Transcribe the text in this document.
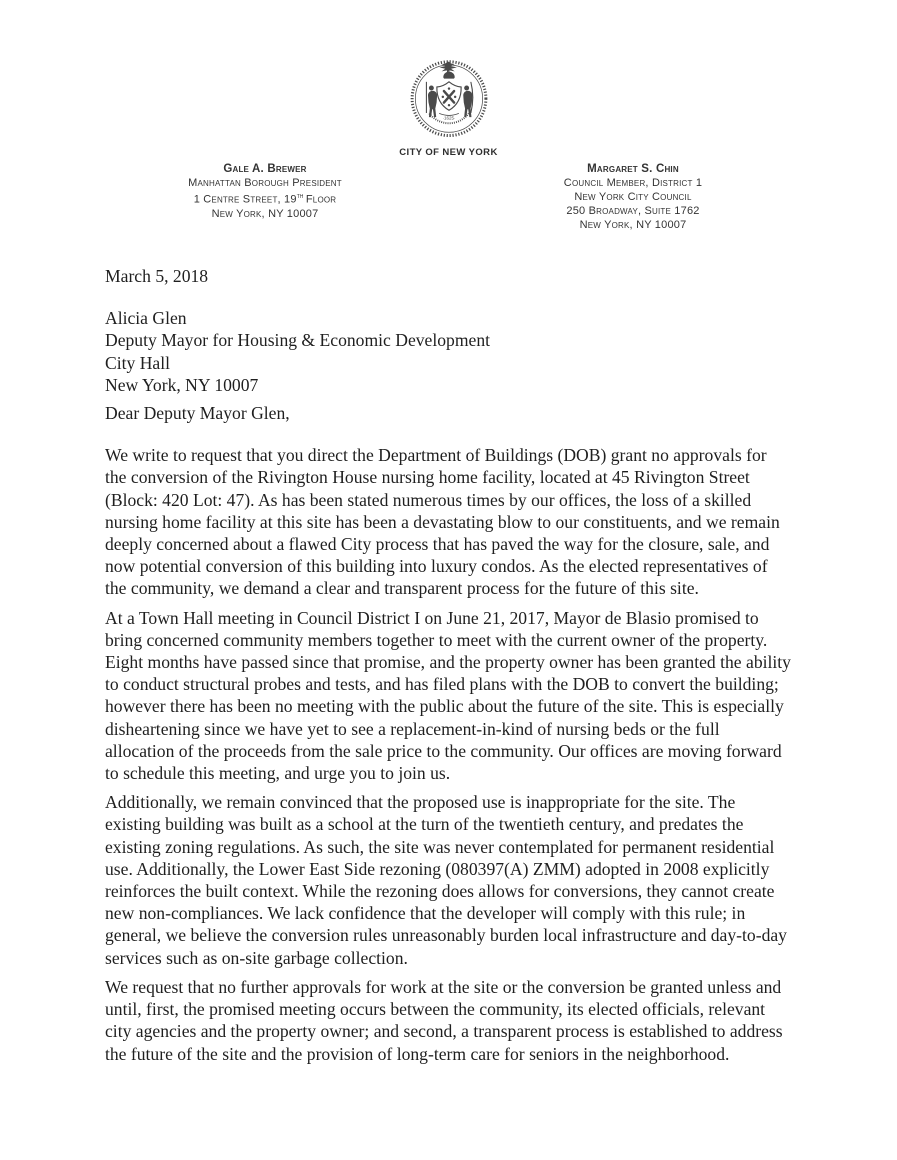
·1625·
CITY OF NEW YORK
Gale A. Brewer
Manhattan Borough President
1 Centre Street, 19th Floor
New York, NY 10007
Margaret S. Chin
Council Member, District 1
New York City Council
250 Broadway, Suite 1762
New York, NY 10007
March 5, 2018
Alicia Glen
Deputy Mayor for Housing & Economic Development
City Hall
New York, NY 10007
Dear Deputy Mayor Glen,
We write to request that you direct the Department of Buildings (DOB) grant no approvals for
the conversion of the Rivington House nursing home facility, located at 45 Rivington Street
(Block: 420 Lot: 47). As has been stated numerous times by our offices, the loss of a skilled
nursing home facility at this site has been a devastating blow to our constituents, and we remain
deeply concerned about a flawed City process that has paved the way for the closure, sale, and
now potential conversion of this building into luxury condos. As the elected representatives of
the community, we demand a clear and transparent process for the future of this site.
At a Town Hall meeting in Council District I on June 21, 2017, Mayor de Blasio promised to
bring concerned community members together to meet with the current owner of the property.
Eight months have passed since that promise, and the property owner has been granted the ability
to conduct structural probes and tests, and has filed plans with the DOB to convert the building;
however there has been no meeting with the public about the future of the site. This is especially
disheartening since we have yet to see a replacement-in-kind of nursing beds or the full
allocation of the proceeds from the sale price to the community. Our offices are moving forward
to schedule this meeting, and urge you to join us.
Additionally, we remain convinced that the proposed use is inappropriate for the site. The
existing building was built as a school at the turn of the twentieth century, and predates the
existing zoning regulations. As such, the site was never contemplated for permanent residential
use. Additionally, the Lower East Side rezoning (080397(A) ZMM) adopted in 2008 explicitly
reinforces the built context. While the rezoning does allows for conversions, they cannot create
new non-compliances. We lack confidence that the developer will comply with this rule; in
general, we believe the conversion rules unreasonably burden local infrastructure and day-to-day
services such as on-site garbage collection.
We request that no further approvals for work at the site or the conversion be granted unless and
until, first, the promised meeting occurs between the community, its elected officials, relevant
city agencies and the property owner; and second, a transparent process is established to address
the future of the site and the provision of long-term care for seniors in the neighborhood.
